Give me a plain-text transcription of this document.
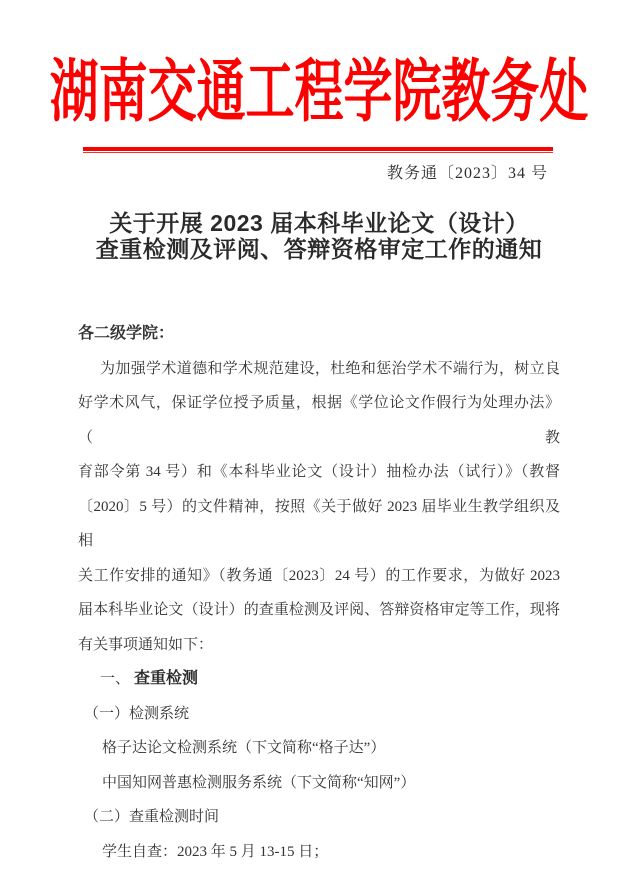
湖南交通工程学院教务处
教务通〔2023〕34 号
关于开展 2023 届本科毕业论文（设计）
查重检测及评阅、答辩资格审定工作的通知
各二级学院：

为加强学术道德和学术规范建设，杜绝和惩治学术不端行为，树立良

好学术风气，保证学位授予质量，根据《学位论文作假行为处理办法》（教

育部令第 34 号）和《本科毕业论文（设计）抽检办法（试行）》（教督

〔2020〕5 号）的文件精神，按照《关于做好 2023 届毕业生教学组织及相

关工作安排的通知》（教务通〔2023〕24 号）的工作要求，为做好 2023

届本科毕业论文（设计）的查重检测及评阅、答辩资格审定等工作，现将

有关事项通知如下：

一、 查重检测
（一）检测系统
格子达论文检测系统（下文简称“格子达”）
中国知网普惠检测服务系统（下文简称“知网”）
（二）查重检测时间
学生自查：2023 年 5 月 13-15 日；
